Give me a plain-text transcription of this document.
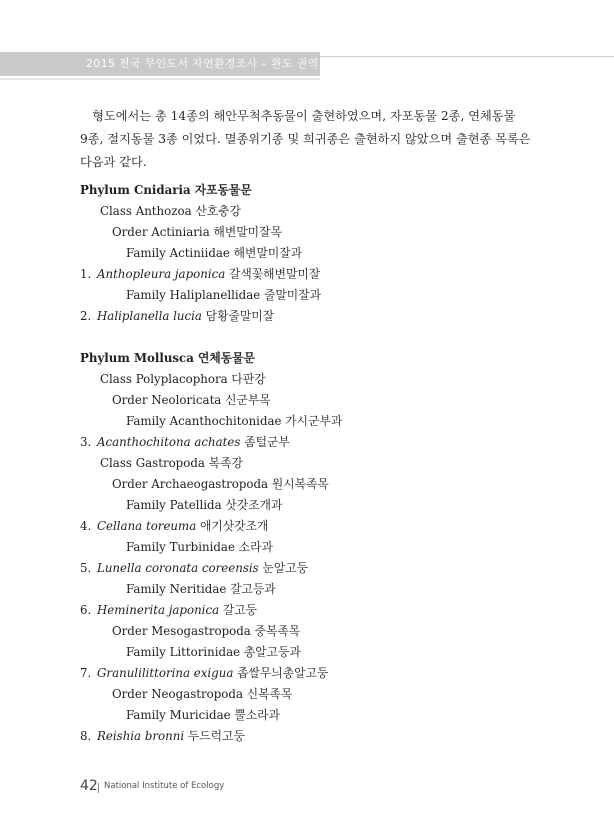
2015 전국 무인도서 자연환경조사 – 완도 권역
형도에서는 총 14종의 해안무척추동물이 출현하였으며, 자포동물 2종, 연체동물
9종, 절지동물 3종 이었다. 멸종위기종 및 희귀종은 출현하지 않았으며 출현종 목록은
다음과 같다.
Phylum Cnidaria 자포동물문
Class Anthozoa 산호충강
Order Actiniaria 해변말미잘목
Family Actiniidae 해변말미잘과
1. Anthopleura japonica 갈색꽃해변말미잘
Family Haliplanellidae 줄말미잘과
2. Haliplanella lucia 담황줄말미잘
Phylum Mollusca 연체동물문
Class Polyplacophora 다판강
Order Neoloricata 신군부목
Family Acanthochitonidae 가시군부과
3. Acanthochitona achates 좀털군부
Class Gastropoda 복족강
Order Archaeogastropoda 원시복족목
Family Patellida 삿갓조개과
4. Cellana toreuma 애기삿갓조개
Family Turbinidae 소라과
5. Lunella coronata coreensis 눈알고둥
Family Neritidae 갈고등과
6. Heminerita japonica 갈고둥
Order Mesogastropoda 중복족목
Family Littorinidae 총알고둥과
7. Granulilittorina exigua 좁쌀무늬총알고둥
Order Neogastropoda 신복족목
Family Muricidae 뿔소라과
8. Reishia bronni 두드럭고둥
42 National Institute of Ecology
